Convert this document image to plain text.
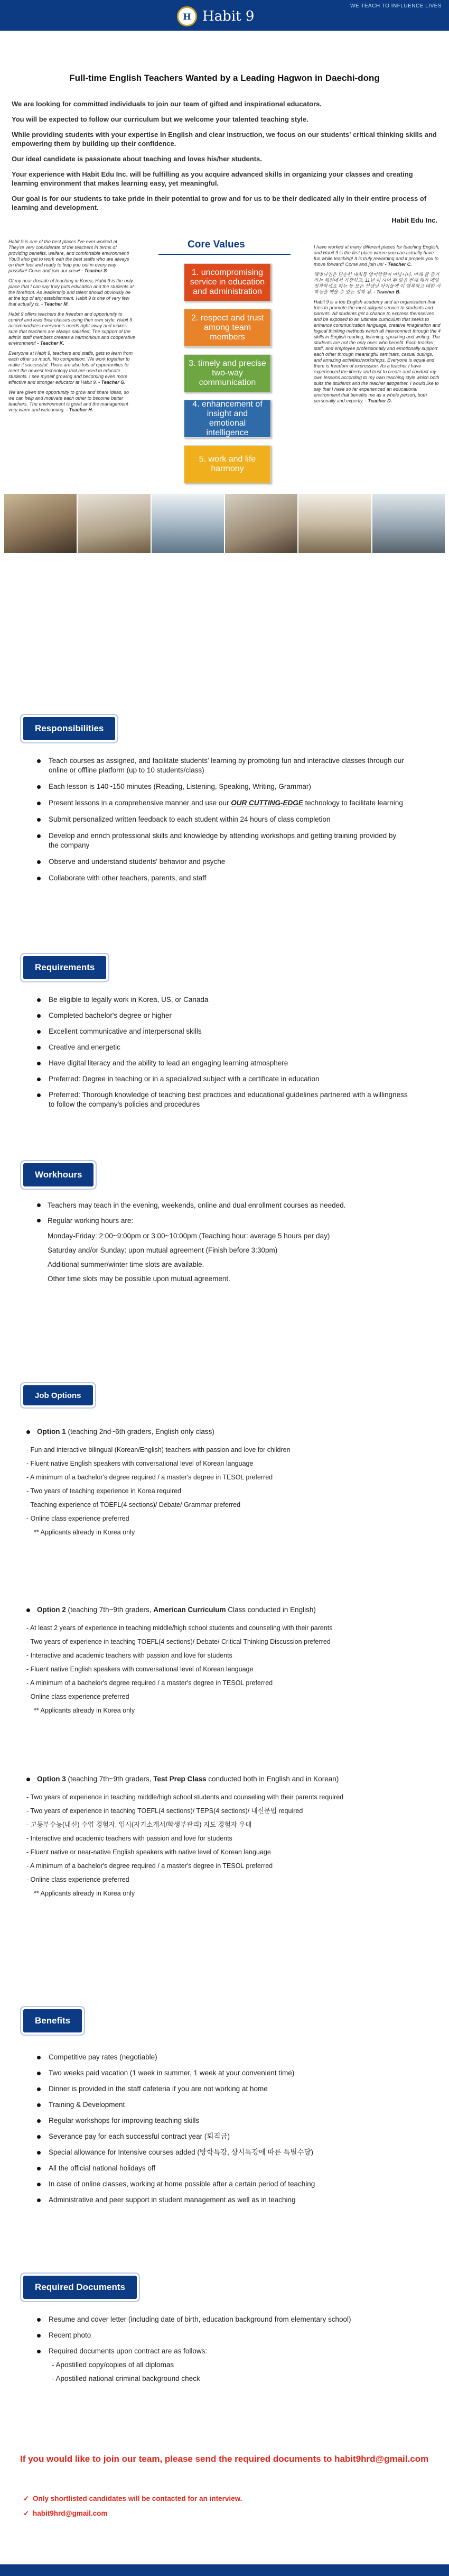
WE TEACH TO INFLUENCE LIVES
H Habit 9
Full-time English Teachers Wanted by a Leading Hagwon in Daechi-dong

We are looking for committed individuals to join our team of gifted and inspirational educators.

You will be expected to follow our curriculum but we welcome your talented teaching style.

While providing students with your expertise in English and clear instruction, we focus on our students' critical thinking skills and empowering them by building up their confidence.

Our ideal candidate is passionate about teaching and loves his/her students.

Your experience with Habit Edu Inc. will be fulfilling as you acquire advanced skills in organizing your classes and creating learning environment that makes learning easy, yet meaningful.

Our goal is for our students to take pride in their potential to grow and for us to be their dedicated ally in their entire process of learning and development.

Habit Edu Inc.

Habit 9 is one of the best places I've ever worked at. They're very considerate of the teachers in terms of providing benefits, welfare, and comfortable environment! You'll also get to work with the best staffs who are always on their feet and ready to help you out in every way possible! Come and join our crew! - Teacher S

Of my near decade of teaching in Korea, Habit 9 is the only place that I can say truly puts education and the students at the forefront. As leadership and talent should obviously be at the top of any establishment, Habit 9 is one of very few that actually is. - Teacher M.

Habit 9 offers teachers the freedom and opportunity to control and lead their classes using their own style. Habit 9 accommodates everyone's needs right away and makes sure that teachers are always satisfied. The support of the admin staff members creates a harmonious and cooperative environment! - Teacher K.

Everyone at Habit 9, teachers and staffs, gets to learn from each other so much. No competition. We work together to make it successful. There are also lots of opportunities to meet the newest technology that are used to educate students. I see myself growing and becoming even more effective and stronger educator at Habit 9. - Teacher G.

We are given the opportunity to grow and share ideas, so we can help and motivate each other to become better teachers. The environment is great and the management very warm and welcoming. - Teacher H.

Core Values
1. uncompromising service in education and administration
2. respect and trust among team members
3. timely and precise two-way communication
4. enhancement of insight and emotional intelligence
5. work and life harmony

I have worked at many different places for teaching English, and Habit 9 is the first place where you can actually have fun while teaching! It is truly rewarding and it propels you to move forward! Come and join us! - Teacher C.

해빗나인은 단순한 대치동 영어학원이 아닙니다. 아래 글 증거라는 해원에서 가장하고, 11년 이 사이 된 일곱 번째 해가 매일 정착하세요 하는 등 모든 선생님 아이들에 이 행복하고 대한 사 학생을 배울 수 있는 정착 됨. - Teacher B.

Habit 9 is a top English academy and an organization that tries to promote the most diligent service to students and parents. All students get a chance to express themselves and be exposed to an ultimate curriculum that seeks to enhance communication language, creative imagination and logical thinking methods which all interconnect through the 4 skills in English reading, listening, speaking and writing. The students are not the only ones who benefit. Each teacher, staff, and employee professionally and emotionally support each other through meaningful seminars, casual outings, and amazing activities/workshops. Everyone is equal and there is freedom of expression. As a teacher I have experienced the liberty and trust to create and conduct my own lessons according to my own teaching style which both suits the students and the teacher altogether. I would like to say that I have so far experienced an educational environment that benefits me as a whole person, both personally and expertly. - Teacher D.

Responsibilities
Teach courses as assigned, and facilitate students' learning by promoting fun and interactive classes through our online or offline platform (up to 10 students/class)
Each lesson is 140~150 minutes (Reading, Listening, Speaking, Writing, Grammar)
Present lessons in a comprehensive manner and use our OUR CUTTING-EDGE technology to facilitate learning
Submit personalized written feedback to each student within 24 hours of class completion
Develop and enrich professional skills and knowledge by attending workshops and getting training provided by the company
Observe and understand students' behavior and psyche
Collaborate with other teachers, parents, and staff
Requirements
Be eligible to legally work in Korea, US, or Canada
Completed bachelor's degree or higher
Excellent communicative and interpersonal skills
Creative and energetic
Have digital literacy and the ability to lead an engaging learning atmosphere
Preferred: Degree in teaching or in a specialized subject with a certificate in education
Preferred: Thorough knowledge of teaching best practices and educational guidelines partnered with a willingness to follow the company's policies and procedures
Workhours
Teachers may teach in the evening, weekends, online and dual enrollment courses as needed.
Regular working hours are:
Monday-Friday: 2:00~9:00pm or 3:00~10:00pm (Teaching hour: average 5 hours per day)
Saturday and/or Sunday: upon mutual agreement (Finish before 3:30pm)
Additional summer/winter time slots are available.
Other time slots may be possible upon mutual agreement.
Job Options
Option 1 (teaching 2nd~6th graders, English only class)
- Fun and interactive bilingual (Korean/English) teachers with passion and love for children
- Fluent native English speakers with conversational level of Korean language
- A minimum of a bachelor's degree required / a master's degree in TESOL preferred
- Two years of teaching experience in Korea required
- Teaching experience of TOEFL(4 sections)/ Debate/ Grammar preferred
- Online class experience preferred
** Applicants already in Korea only
Option 2 (teaching 7th~9th graders, American Curriculum Class conducted in English)
- At least 2 years of experience in teaching middle/high school students and counseling with their parents
- Two years of experience in teaching TOEFL(4 sections)/ Debate/ Critical Thinking Discussion preferred
- Interactive and academic teachers with passion and love for students
- Fluent native English speakers with conversational level of Korean language
- A minimum of a bachelor's degree required / a master's degree in TESOL preferred
- Online class experience preferred
** Applicants already in Korea only
Option 3 (teaching 7th~9th graders, Test Prep Class conducted both in English and in Korean)
- Two years of experience in teaching middle/high school students and counseling with their parents required
- Two years of experience in teaching TOEFL(4 sections)/ TEPS(4 sections)/ 내신문법 required
- 고등부수능(내신) 수업 경험자, 입시(자기소개서/학생부관리) 지도 경험자 우대
- Interactive and academic teachers with passion and love for students
- Fluent native or near-native English speakers with native level of Korean language
- A minimum of a bachelor's degree required / a master's degree in TESOL preferred
- Online class experience preferred
** Applicants already in Korea only
Benefits
Competitive pay rates (negotiable)
Two weeks paid vacation (1 week in summer, 1 week at your convenient time)
Dinner is provided in the staff cafeteria if you are not working at home
Training & Development
Regular workshops for improving teaching skills
Severance pay for each successful contract year (퇴직금)
Special allowance for Intensive courses added (방학특강, 상시특강에 따른 특별수당)
All the official national holidays off
In case of online classes, working at home possible after a certain period of teaching
Administrative and peer support in student management as well as in teaching
Required Documents
Resume and cover letter (including date of birth, education background from elementary school)
Recent photo
Required documents upon contract are as follows:
- Apostilled copy/copies of all diplomas
- Apostilled national criminal background check
If you would like to join our team, please send the required documents to habit9hrd@gmail.com
✓ Only shortlisted candidates will be contacted for an interview.
✓ habit9hrd@gmail.com
